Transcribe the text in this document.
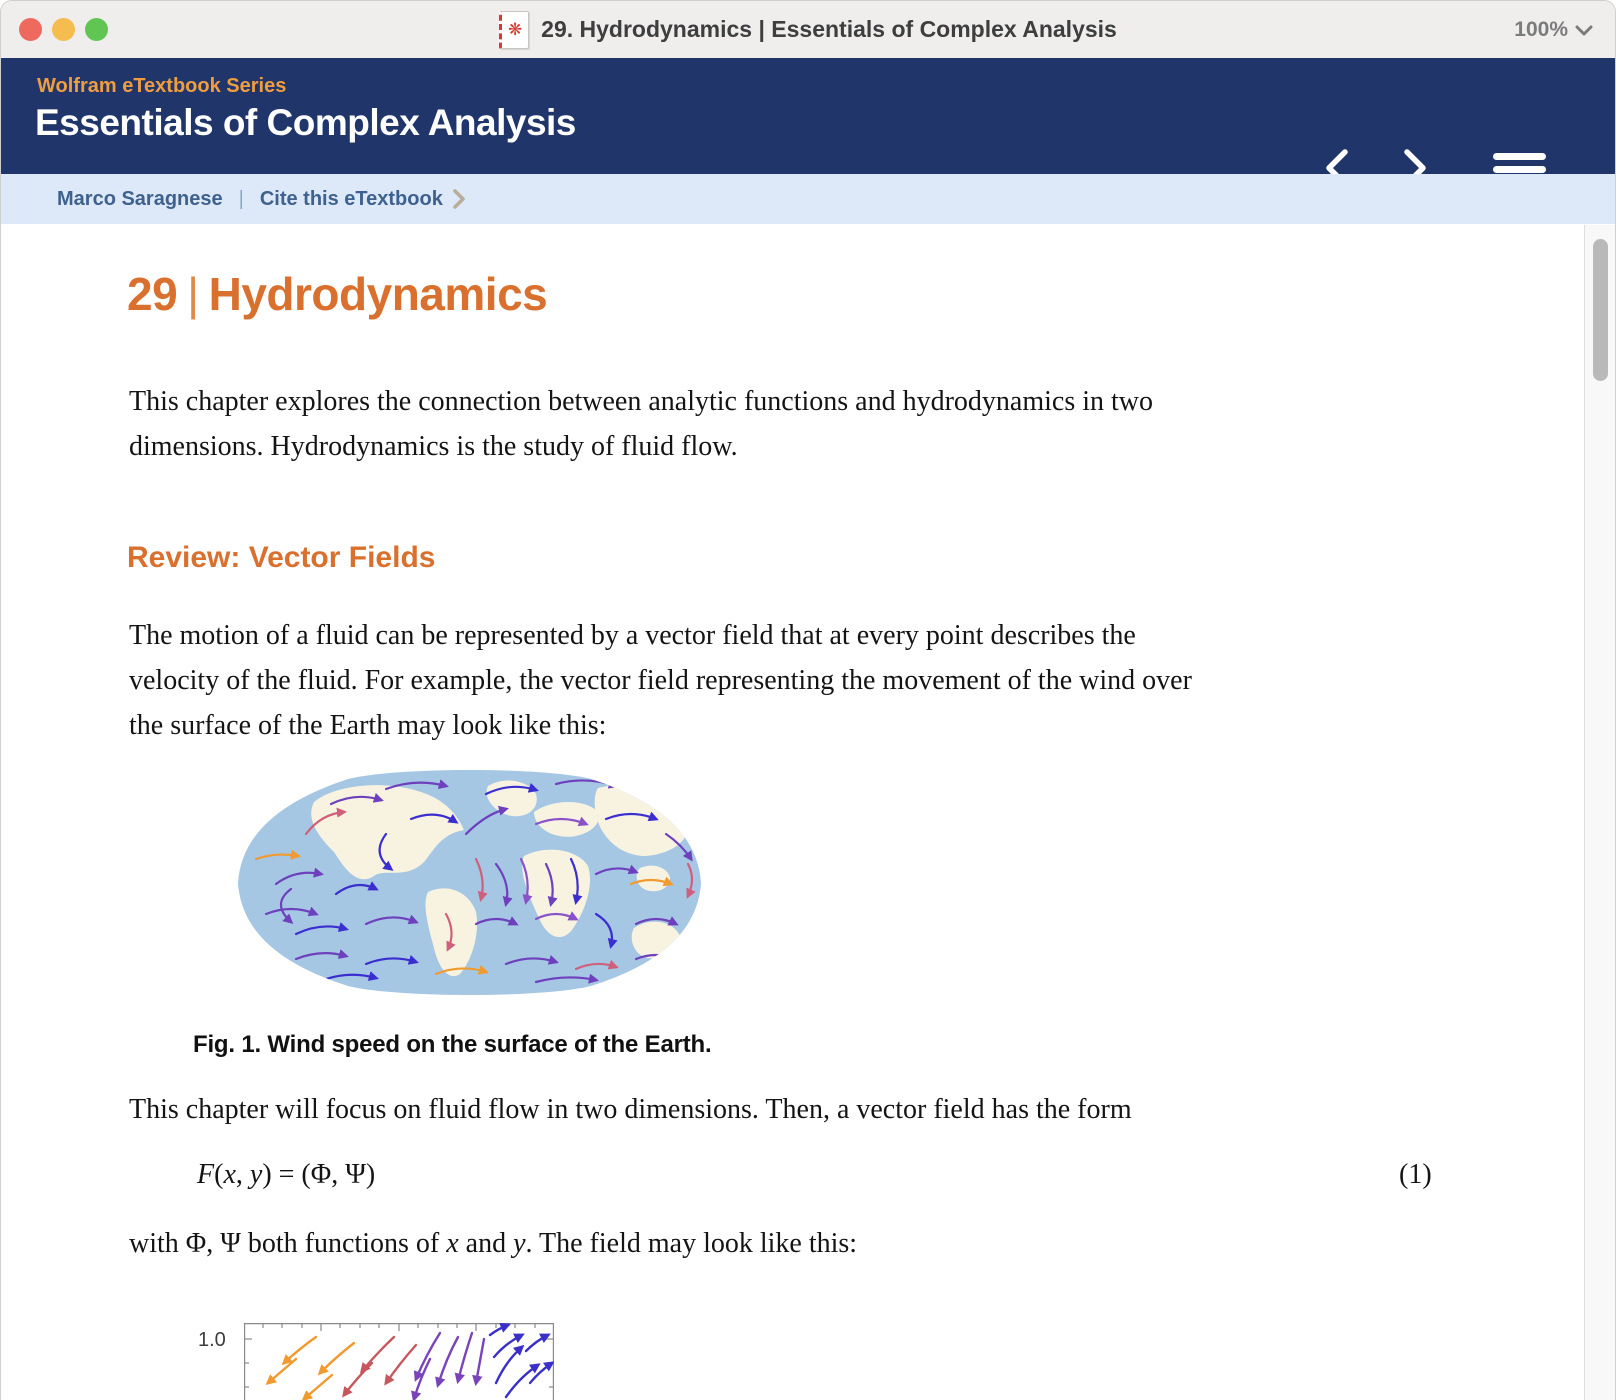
❋ 29. Hydrodynamics | Essentials of Complex Analysis	100%
Wolfram eTextbook Series
Essentials of Complex Analysis
Marco Saragnese | Cite this eTextbook
29 | Hydrodynamics
This chapter explores the connection between analytic functions and hydrodynamics in two
dimensions. Hydrodynamics is the study of fluid flow.
Review: Vector Fields
The motion of a fluid can be represented by a vector field that at every point describes the
velocity of the fluid. For example, the vector field representing the movement of the wind over
the surface of the Earth may look like this:
Fig. 1. Wind speed on the surface of the Earth.
This chapter will focus on fluid flow in two dimensions. Then, a vector field has the form
F(x, y) = (Φ, Ψ)	(1)
with Φ, Ψ both functions of x and y. The field may look like this:
1.0
